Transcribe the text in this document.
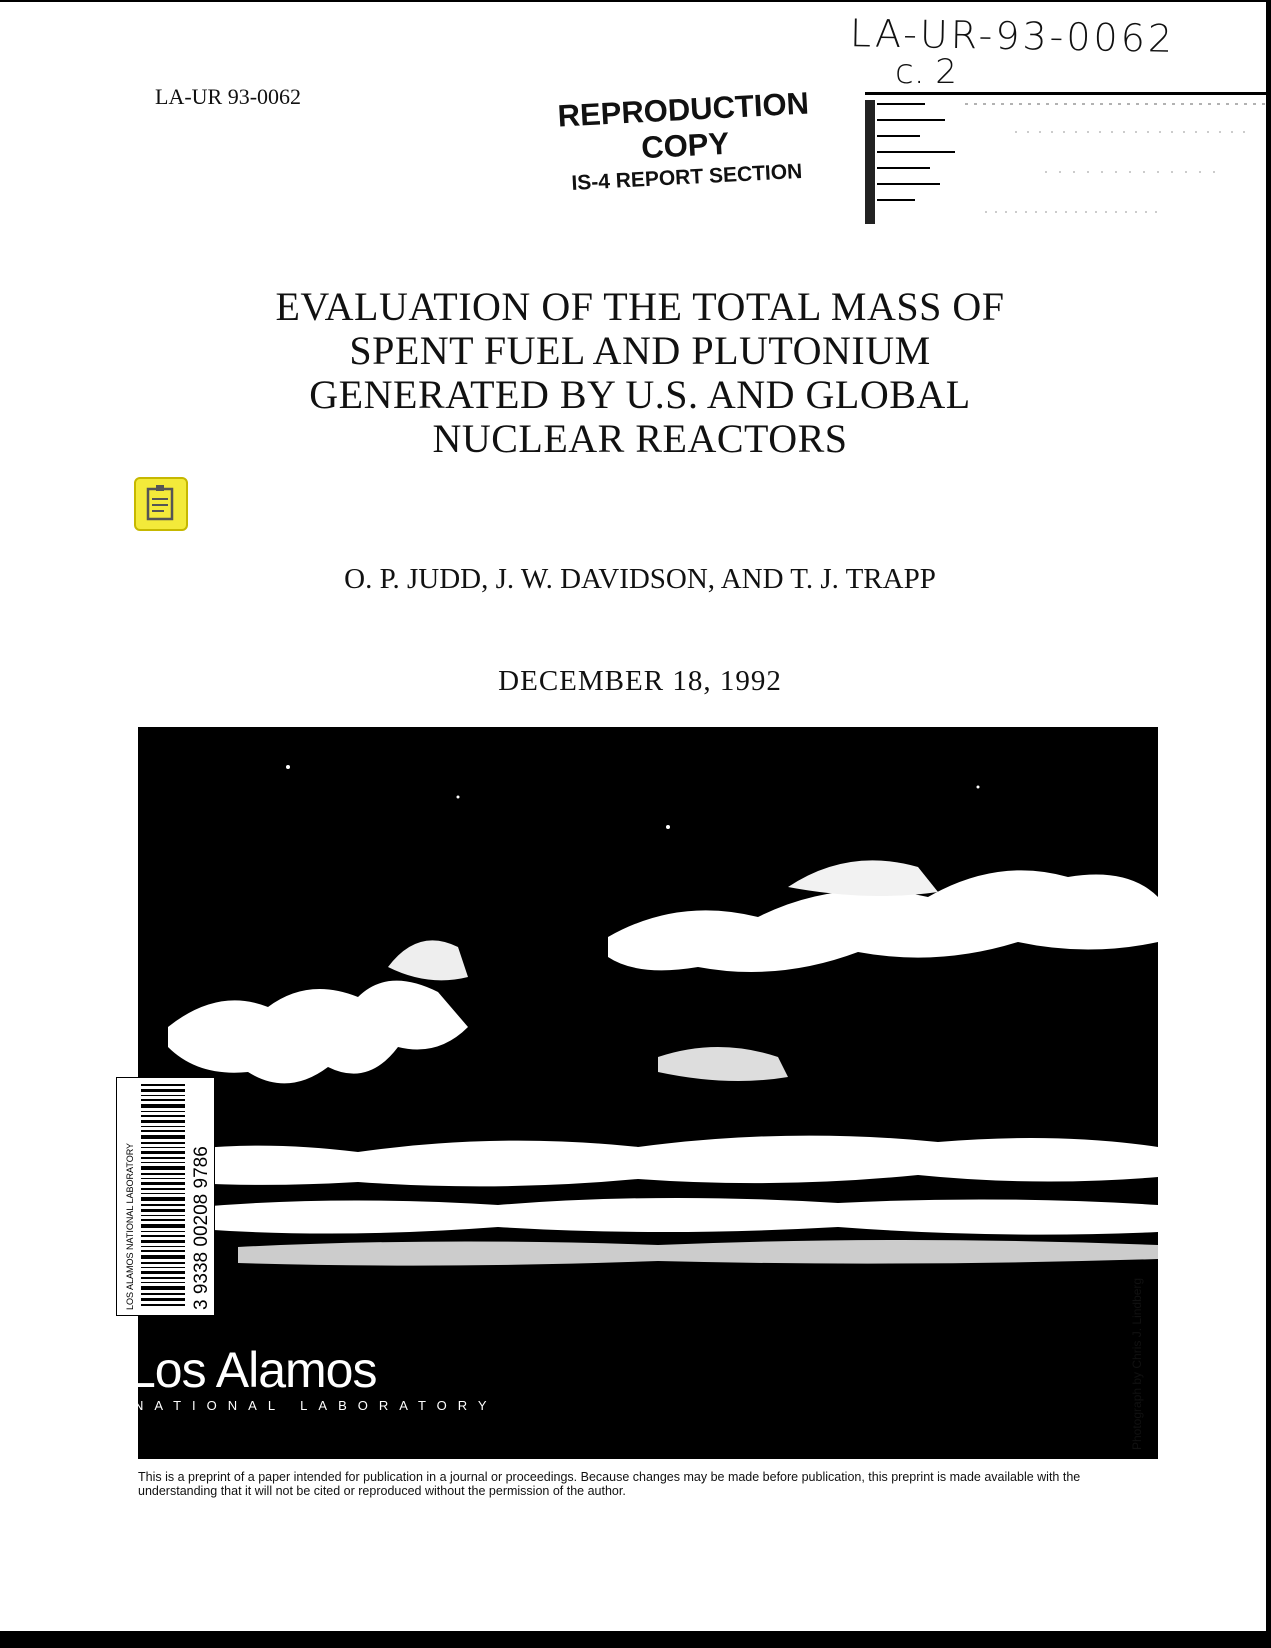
LA-UR 93-0062
LA-UR-93-0062
c. 2
REPRODUCTION
COPY
IS-4 REPORT SECTION
EVALUATION OF THE TOTAL MASS OF
SPENT FUEL AND PLUTONIUM
GENERATED BY U.S. AND GLOBAL
NUCLEAR REACTORS
O. P. JUDD, J. W. DAVIDSON, AND T. J. TRAPP
DECEMBER 18, 1992
LOS ALAMOS NATIONAL LABORATORY	3 9338 00208 9786
Los Alamos
NATIONAL LABORATORY	Photograph by Chris J. Lindberg
This is a preprint of a paper intended for publication in a journal or proceedings. Because changes may be made before publication, this preprint is made available with the understanding that it will not be cited or reproduced without the permission of the author.
